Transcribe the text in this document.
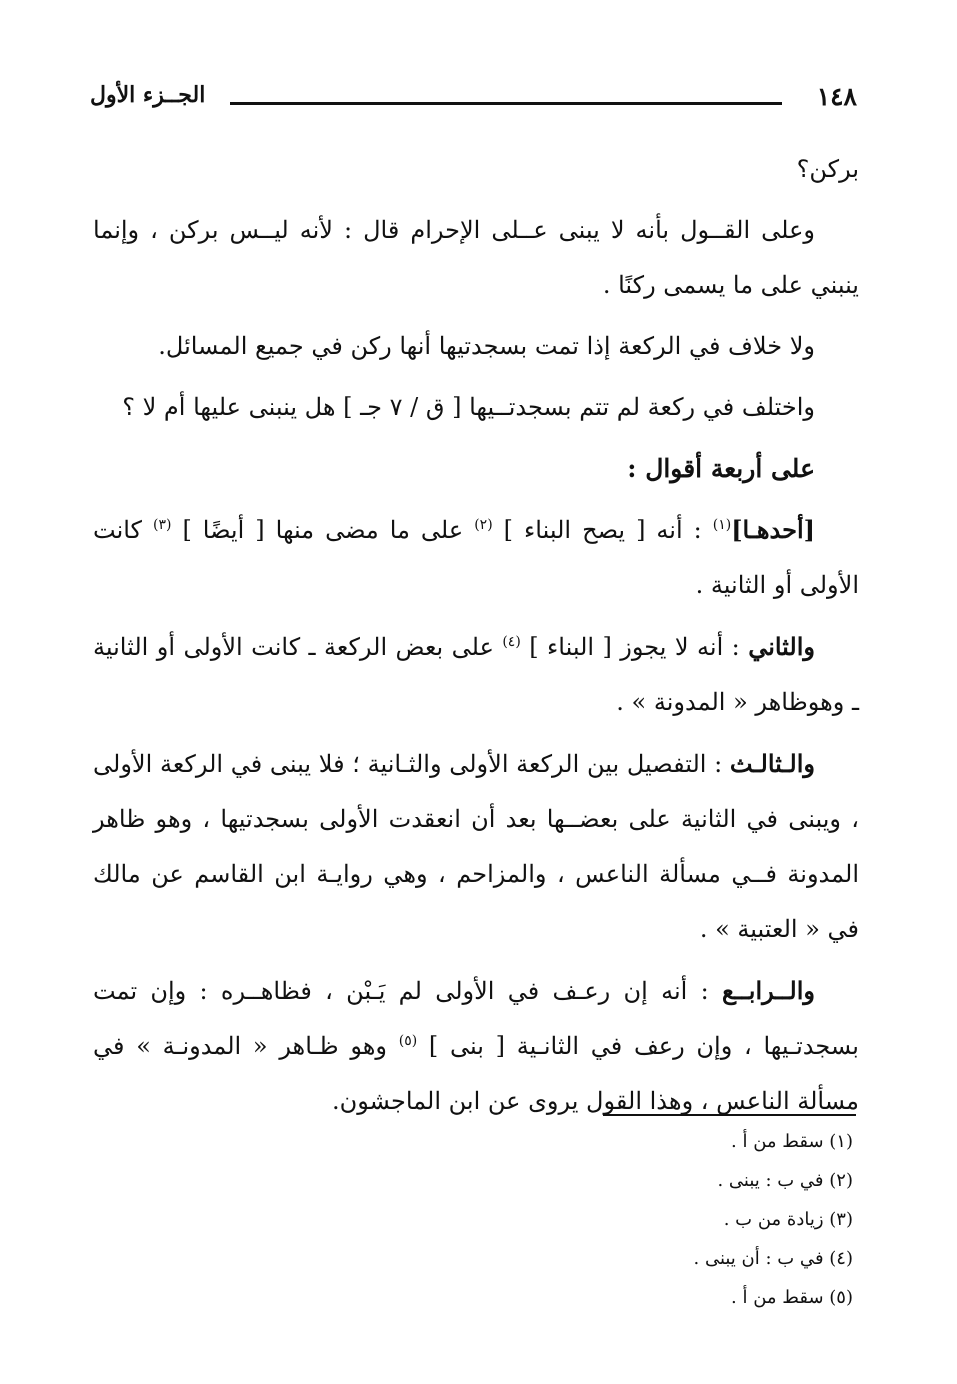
١٤٨
الجــزء الأول

بركن؟

وعلى القــول بأنه لا يبنى عــلى الإحرام قال : لأنه ليــس بركن ، وإنما ينبني على ما يسمى ركنًا .

ولا خلاف في الركعة إذا تمت بسجدتيها أنها ركن في جميع المسائل.

واختلف في ركعة لم تتم بسجدتــيها [ ق / ٧ جـ ] هل ينبنى عليها أم لا ؟

على أربعة أقوال :

[أحدهـا]$^{(١)}$ : أنه [ يصح البناء ] $^{(٢)}$ على ما مضى منها [ أيضًا ] $^{(٣)}$ كانت الأولى أو الثانية .

والثاني : أنه لا يجوز [ البناء ] $^{(٤)}$ على بعض الركعة ـ كانت الأولى أو الثانية ـ وهوظاهر « المدونة » .

والـثالـث : التفصيل بين الركعة الأولى والثـانية ؛ فلا يبنى في الركعة الأولى ، ويبنى في الثانية على بعضــها بعد أن انعقدت الأولى بسجدتيها ، وهو ظاهر المدونة فــي مسألة الناعس ، والمزاحم ، وهي روايـة ابن القاسم عن مالك في « العتبية » .

والــرابــع : أنه إن رعـف في الأولى لم يَـبْن ، فظاهــره : وإن تمت بسجدتـيها ، وإن رعف في الثانـية [ بنى ] $^{(٥)}$ وهو ظـاهر « المدونـة » في مسألة الناعس ، وهذا القول يروى عن ابن الماجشون.

(١) سقط من أ .
(٢) في ب : يبنى .
(٣) زيادة من ب .
(٤) في ب : أن يبنى .
(٥) سقط من أ .
